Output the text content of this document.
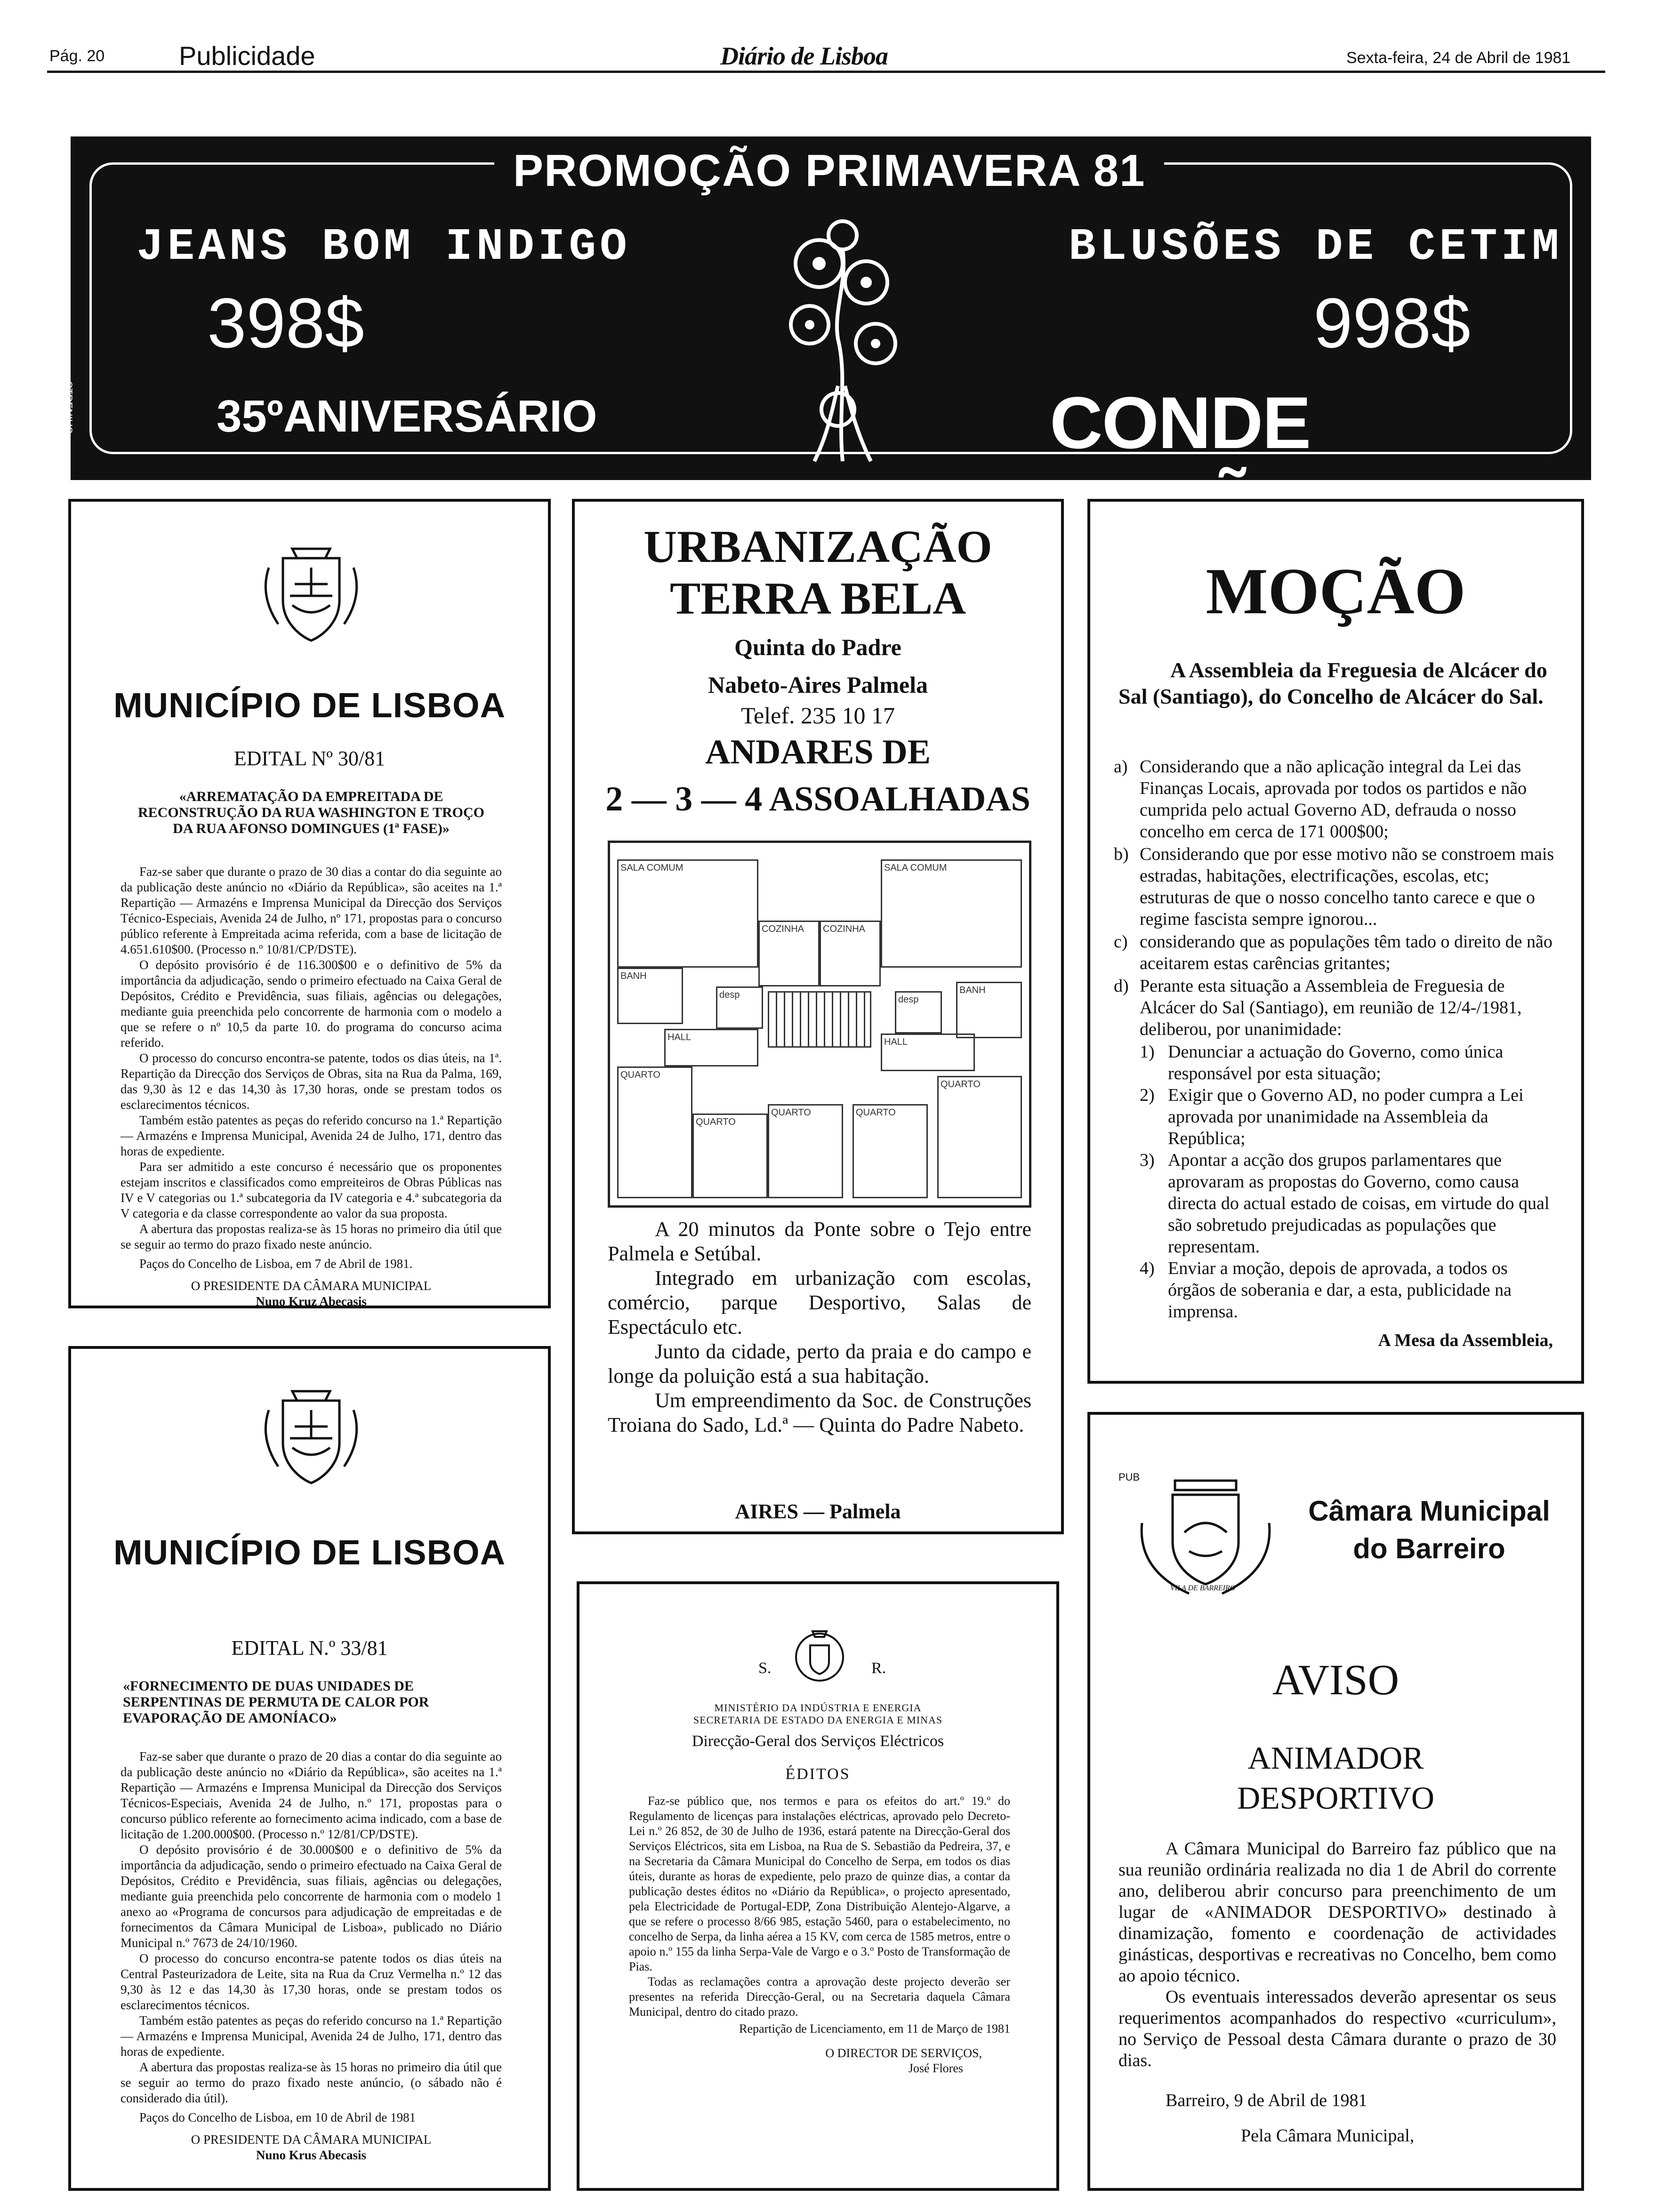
Pág. 20	Publicidade	Diário de Lisboa	Sexta-feira, 24 de Abril de 1981
PROMOÇÃO PRIMAVERA 81
JEANS BOM INDIGO
398$
BLUSÕES DE CETIM
998$
35ºANIVERSÁRIO	CONDE
STRENIUS
MUNICÍPIO DE LISBOA
EDITAL Nº 30/81
«ARREMATAÇÃO DA EMPREITADA DE RECONSTRUÇÃO DA RUA WASHINGTON E TROÇO DA RUA AFONSO DOMINGUES (1ª FASE)»

Faz-se saber que durante o prazo de 30 dias a contar do dia seguinte ao da publicação deste anúncio no «Diário da República», são aceites na 1.ª Repartição — Armazéns e Imprensa Municipal da Direcção dos Serviços Técnico-Especiais, Avenida 24 de Julho, nº 171, propostas para o concurso público referente à Empreitada acima referida, com a base de licitação de 4.651.610$00. (Processo n.º 10/81/CP/DSTE).

O depósito provisório é de 116.300$00 e o definitivo de 5% da importância da adjudicação, sendo o primeiro efectuado na Caixa Geral de Depósitos, Crédito e Previdência, suas filiais, agências ou delegações, mediante guia preenchida pelo concorrente de harmonia com o modelo a que se refere o nº 10,5 da parte 10. do programa do concurso acima referido.

O processo do concurso encontra-se patente, todos os dias úteis, na 1ª. Repartição da Direcção dos Serviços de Obras, sita na Rua da Palma, 169, das 9,30 às 12 e das 14,30 às 17,30 horas, onde se prestam todos os esclarecimentos técnicos.

Também estão patentes as peças do referido concurso na 1.ª Repartição — Armazéns e Imprensa Municipal, Avenida 24 de Julho, 171, dentro das horas de expediente.

Para ser admitido a este concurso é necessário que os proponentes estejam inscritos e classificados como empreiteiros de Obras Públicas nas IV e V categorias ou 1.ª subcategoria da IV categoria e 4.ª subcategoria da V categoria e da classe correspondente ao valor da sua proposta.

A abertura das propostas realiza-se às 15 horas no primeiro dia útil que se seguir ao termo do prazo fixado neste anúncio.

Paços do Concelho de Lisboa, em 7 de Abril de 1981.

O PRESIDENTE DA CÂMARA MUNICIPAL

Nuno Kruz Abecasis

MUNICÍPIO DE LISBOA
EDITAL N.º 33/81
«FORNECIMENTO DE DUAS UNIDADES DE SERPENTINAS DE PERMUTA DE CALOR POR EVAPORAÇÃO DE AMONÍACO»

Faz-se saber que durante o prazo de 20 dias a contar do dia seguinte ao da publicação deste anúncio no «Diário da República», são aceites na 1.ª Repartição — Armazéns e Imprensa Municipal da Direcção dos Serviços Técnicos-Especiais, Avenida 24 de Julho, n.º 171, propostas para o concurso público referente ao fornecimento acima indicado, com a base de licitação de 1.200.000$00. (Processo n.º 12/81/CP/DSTE).

O depósito provisório é de 30.000$00 e o definitivo de 5% da importância da adjudicação, sendo o primeiro efectuado na Caixa Geral de Depósitos, Crédito e Previdência, suas filiais, agências ou delegações, mediante guia preenchida pelo concorrente de harmonia com o modelo 1 anexo ao «Programa de concursos para adjudicação de empreitadas e de fornecimentos da Câmara Municipal de Lisboa», publicado no Diário Municipal n.º 7673 de 24/10/1960.

O processo do concurso encontra-se patente todos os dias úteis na Central Pasteurizadora de Leite, sita na Rua da Cruz Vermelha n.º 12 das 9,30 às 12 e das 14,30 às 17,30 horas, onde se prestam todos os esclarecimentos técnicos.

Também estão patentes as peças do referido concurso na 1.ª Repartição — Armazéns e Imprensa Municipal, Avenida 24 de Julho, 171, dentro das horas de expediente.

A abertura das propostas realiza-se às 15 horas no primeiro dia útil que se seguir ao termo do prazo fixado neste anúncio, (o sábado não é considerado dia útil).

Paços do Concelho de Lisboa, em 10 de Abril de 1981

O PRESIDENTE DA CÂMARA MUNICIPAL

Nuno Krus Abecasis

URBANIZAÇÃO
TERRA BELA
Quinta do Padre
Nabeto-Aires Palmela
Telef. 235 10 17
ANDARES DE
2 — 3 — 4 ASSOALHADAS
SALA COMUM	SALA COMUM
COZINHA	COZINHA
BANH
BANH
desp	desp
HALL	HALL
QUARTO
QUARTO
QUARTO	QUARTO
QUARTO

A 20 minutos da Ponte sobre o Tejo entre Palmela e Setúbal.

Integrado em urbanização com escolas, comércio, parque Desportivo, Salas de Espectáculo etc.

Junto da cidade, perto da praia e do campo e longe da poluição está a sua habitação.

Um empreendimento da Soc. de Construções Troiana do Sado, Ld.ª — Quinta do Padre Nabeto.

AIRES — Palmela
S.	R.
MINISTÉRIO DA INDÚSTRIA E ENERGIA
SECRETARIA DE ESTADO DA ENERGIA E MINAS
Direcção-Geral dos Serviços Eléctricos
ÉDITOS

Faz-se público que, nos termos e para os efeitos do art.º 19.º do Regulamento de licenças para instalações eléctricas, aprovado pelo Decreto-Lei n.º 26 852, de 30 de Julho de 1936, estará patente na Direcção-Geral dos Serviços Eléctricos, sita em Lisboa, na Rua de S. Sebastião da Pedreira, 37, e na Secretaria da Câmara Municipal do Concelho de Serpa, em todos os dias úteis, durante as horas de expediente, pelo prazo de quinze dias, a contar da publicação destes éditos no «Diário da República», o projecto apresentado, pela Electricidade de Portugal-EDP, Zona Distribuição Alentejo-Algarve, a que se refere o processo 8/66 985, estação 5460, para o estabelecimento, no concelho de Serpa, da linha aérea a 15 KV, com cerca de 1585 metros, entre o apoio n.º 155 da linha Serpa-Vale de Vargo e o 3.º Posto de Transformação de Pias.

Todas as reclamações contra a aprovação deste projecto deverão ser presentes na referida Direcção-Geral, ou na Secretaria daquela Câmara Municipal, dentro do citado prazo.

Repartição de Licenciamento, em 11 de Março de 1981

O DIRECTOR DE SERVIÇOS,

José Flores

MOÇÃO
A Assembleia da Freguesia de Alcácer do Sal (Santiago), do Concelho de Alcácer do Sal.
a) Considerando que a não aplicação integral da Lei das Finanças Locais, aprovada por todos os partidos e não cumprida pelo actual Governo AD, defrauda o nosso concelho em cerca de 171 000$00;
b) Considerando que por esse motivo não se constroem mais estradas, habitações, electrificações, escolas, etc; estruturas de que o nosso concelho tanto carece e que o regime fascista sempre ignorou...
c) considerando que as populações têm tado o direito de não aceitarem estas carências gritantes;
d) Perante esta situação a Assembleia de Freguesia de Alcácer do Sal (Santiago), em reunião de 12/4-/1981, deliberou, por unanimidade:
1) Denunciar a actuação do Governo, como única responsável por esta situação;
2) Exigir que o Governo AD, no poder cumpra a Lei aprovada por unanimidade na Assembleia da República;
3) Apontar a acção dos grupos parlamentares que aprovaram as propostas do Governo, como causa directa do actual estado de coisas, em virtude do qual são sobretudo prejudicadas as populações que representam.
4) Enviar a moção, depois de aprovada, a todos os órgãos de soberania e dar, a esta, publicidade na imprensa.
A Mesa da Assembleia,
PUB
VILA DE BARREIRO
Câmara Municipal
do Barreiro
AVISO
ANIMADOR
DESPORTIVO

A Câmara Municipal do Barreiro faz público que na sua reunião ordinária realizada no dia 1 de Abril do corrente ano, deliberou abrir concurso para preenchimento de um lugar de «ANIMADOR DESPORTIVO» destinado à dinamização, fomento e coordenação de actividades ginásticas, desportivas e recreativas no Concelho, bem como ao apoio técnico.

Os eventuais interessados deverão apresentar os seus requerimentos acompanhados do respectivo «curriculum», no Serviço de Pessoal desta Câmara durante o prazo de 30 dias.

Barreiro, 9 de Abril de 1981

Pela Câmara Municipal,
